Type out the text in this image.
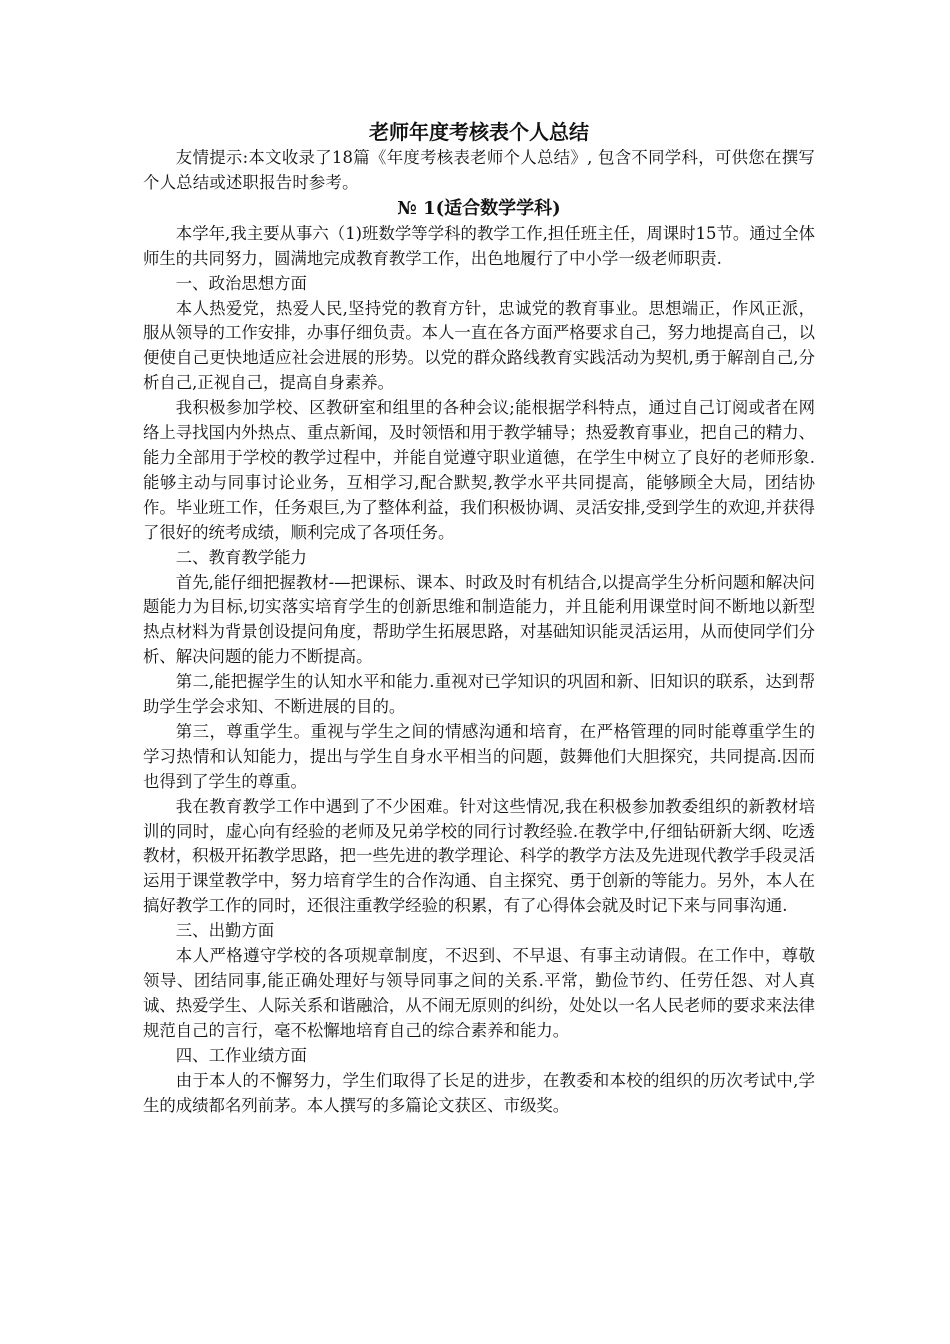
老师年度考核表个人总结

友情提示:本文收录了18篇《年度考核表老师个人总结》, 包含不同学科，可供您在撰写个人总结或述职报告时参考。

№ 1(适合数学学科)

本学年,我主要从事六（1)班数学等学科的教学工作,担任班主任，周课时15节。通过全体师生的共同努力，圆满地完成教育教学工作，出色地履行了中小学一级老师职责.

一、政治思想方面

本人热爱党，热爱人民,坚持党的教育方针，忠诚党的教育事业。思想端正，作风正派，服从领导的工作安排，办事仔细负责。本人一直在各方面严格要求自己，努力地提高自己，以便使自己更快地适应社会进展的形势。以党的群众路线教育实践活动为契机,勇于解剖自己,分析自己,正视自己，提高自身素养。

我积极参加学校、区教研室和组里的各种会议;能根据学科特点，通过自己订阅或者在网络上寻找国内外热点、重点新闻，及时领悟和用于教学辅导；热爱教育事业，把自己的精力、能力全部用于学校的教学过程中，并能自觉遵守职业道德，在学生中树立了良好的老师形象.能够主动与同事讨论业务，互相学习,配合默契,教学水平共同提高，能够顾全大局，团结协作。毕业班工作，任务艰巨,为了整体利益，我们积极协调、灵活安排,受到学生的欢迎,并获得了很好的统考成绩，顺利完成了各项任务。

二、教育教学能力

首先,能仔细把握教材-—把课标、课本、时政及时有机结合,以提高学生分析问题和解决问题能力为目标,切实落实培育学生的创新思维和制造能力，并且能利用课堂时间不断地以新型热点材料为背景创设提问角度，帮助学生拓展思路，对基础知识能灵活运用，从而使同学们分析、解决问题的能力不断提高。

第二,能把握学生的认知水平和能力.重视对已学知识的巩固和新、旧知识的联系，达到帮助学生学会求知、不断进展的目的。

第三，尊重学生。重视与学生之间的情感沟通和培育，在严格管理的同时能尊重学生的学习热情和认知能力，提出与学生自身水平相当的问题，鼓舞他们大胆探究，共同提高.因而也得到了学生的尊重。

我在教育教学工作中遇到了不少困难。针对这些情况,我在积极参加教委组织的新教材培训的同时，虚心向有经验的老师及兄弟学校的同行讨教经验.在教学中,仔细钻研新大纲、吃透教材，积极开拓教学思路，把一些先进的教学理论、科学的教学方法及先进现代教学手段灵活运用于课堂教学中，努力培育学生的合作沟通、自主探究、勇于创新的等能力。另外，本人在搞好教学工作的同时，还很注重教学经验的积累，有了心得体会就及时记下来与同事沟通.

三、出勤方面

本人严格遵守学校的各项规章制度，不迟到、不早退、有事主动请假。在工作中，尊敬领导、团结同事,能正确处理好与领导同事之间的关系.平常，勤俭节约、任劳任怨、对人真诚、热爱学生、人际关系和谐融洽，从不闹无原则的纠纷，处处以一名人民老师的要求来法律规范自己的言行，毫不松懈地培育自己的综合素养和能力。

四、工作业绩方面

由于本人的不懈努力，学生们取得了长足的进步，在教委和本校的组织的历次考试中,学生的成绩都名列前茅。本人撰写的多篇论文获区、市级奖。
